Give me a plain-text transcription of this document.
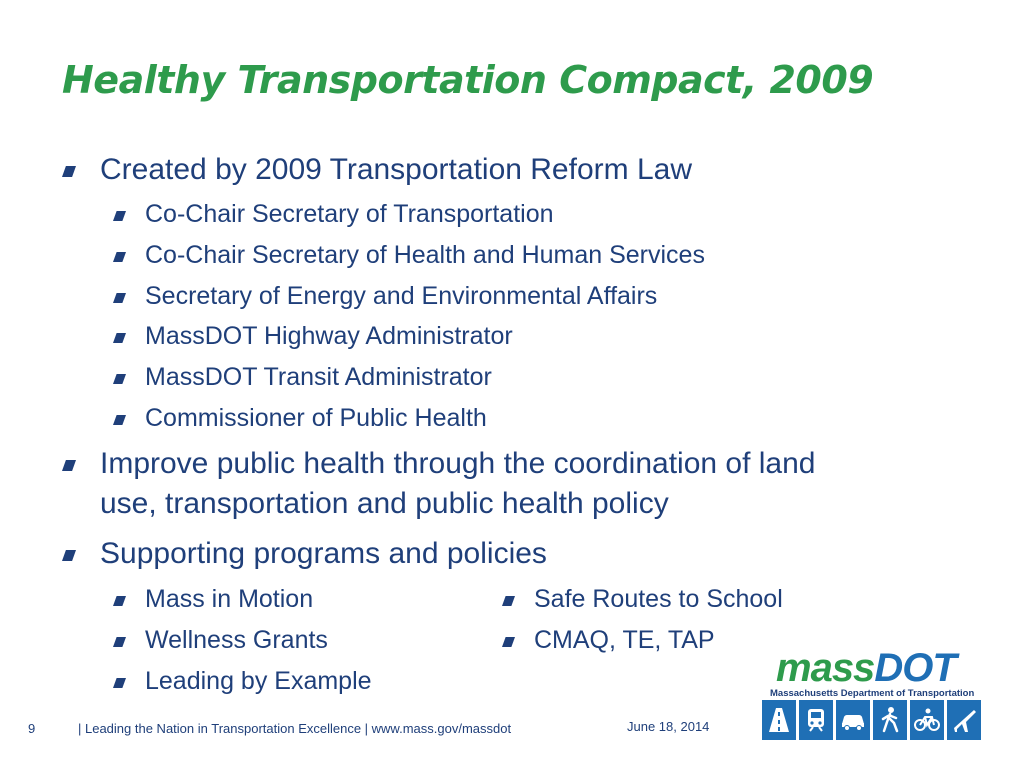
Healthy Transportation Compact, 2009
Created by 2009 Transportation Reform Law
Co-Chair Secretary of Transportation
Co-Chair Secretary of Health and Human Services
Secretary of Energy and Environmental Affairs
MassDOT Highway Administrator
MassDOT Transit Administrator
Commissioner of Public Health
Improve public health through the coordination of land
use, transportation and public health policy
Supporting programs and policies
Mass in Motion
Wellness Grants
Leading by Example
Safe Routes to School
CMAQ, TE, TAP
9	| Leading the Nation in Transportation Excellence | www.mass.gov/massdot	June 18, 2014
massDOT
Massachusetts Department of Transportation
